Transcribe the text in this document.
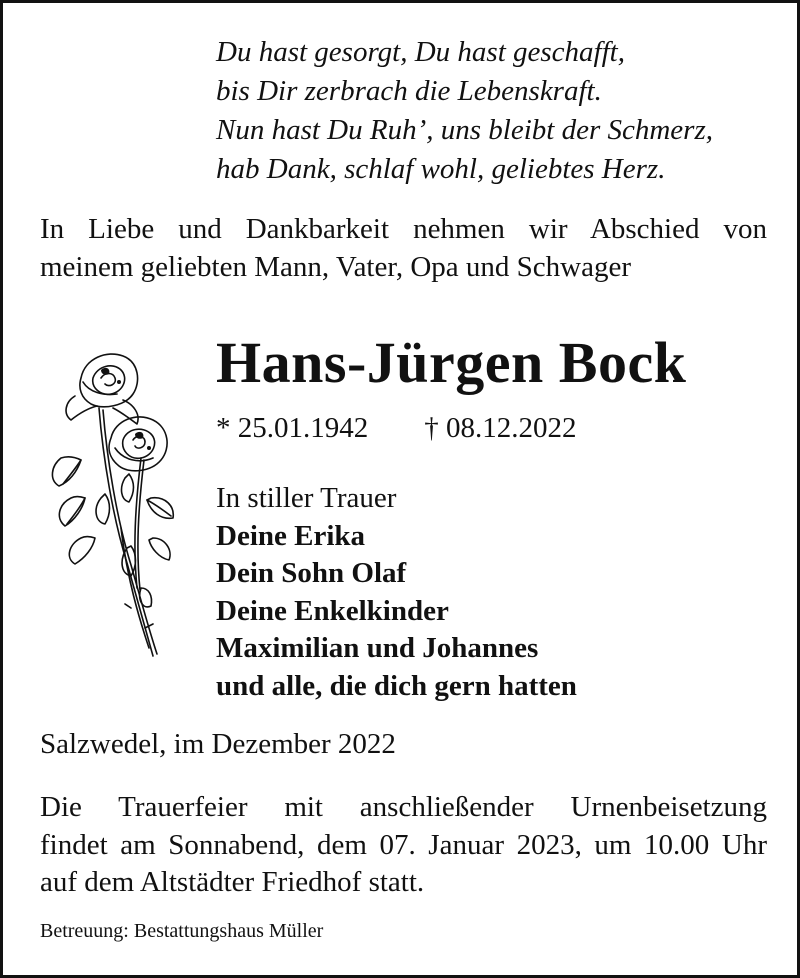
Du hast gesorgt, Du hast geschafft,
bis Dir zerbrach die Lebenskraft.
Nun hast Du Ruh’, uns bleibt der Schmerz,
hab Dank, schlaf wohl, geliebtes Herz.
In Liebe und Dankbarkeit nehmen wir Abschied von
meinem geliebten Mann, Vater, Opa und Schwager
Hans-Jürgen Bock
* 25.01.1942 † 08.12.2022
In stiller Trauer
Deine Erika
Dein Sohn Olaf
Deine Enkelkinder
Maximilian und Johannes
und alle, die dich gern hatten
Salzwedel, im Dezember 2022
Die Trauerfeier mit anschließender Urnenbeisetzung
findet am Sonnabend, dem 07. Januar 2023, um 10.00 Uhr
auf dem Altstädter Friedhof statt.
Betreuung: Bestattungshaus Müller
